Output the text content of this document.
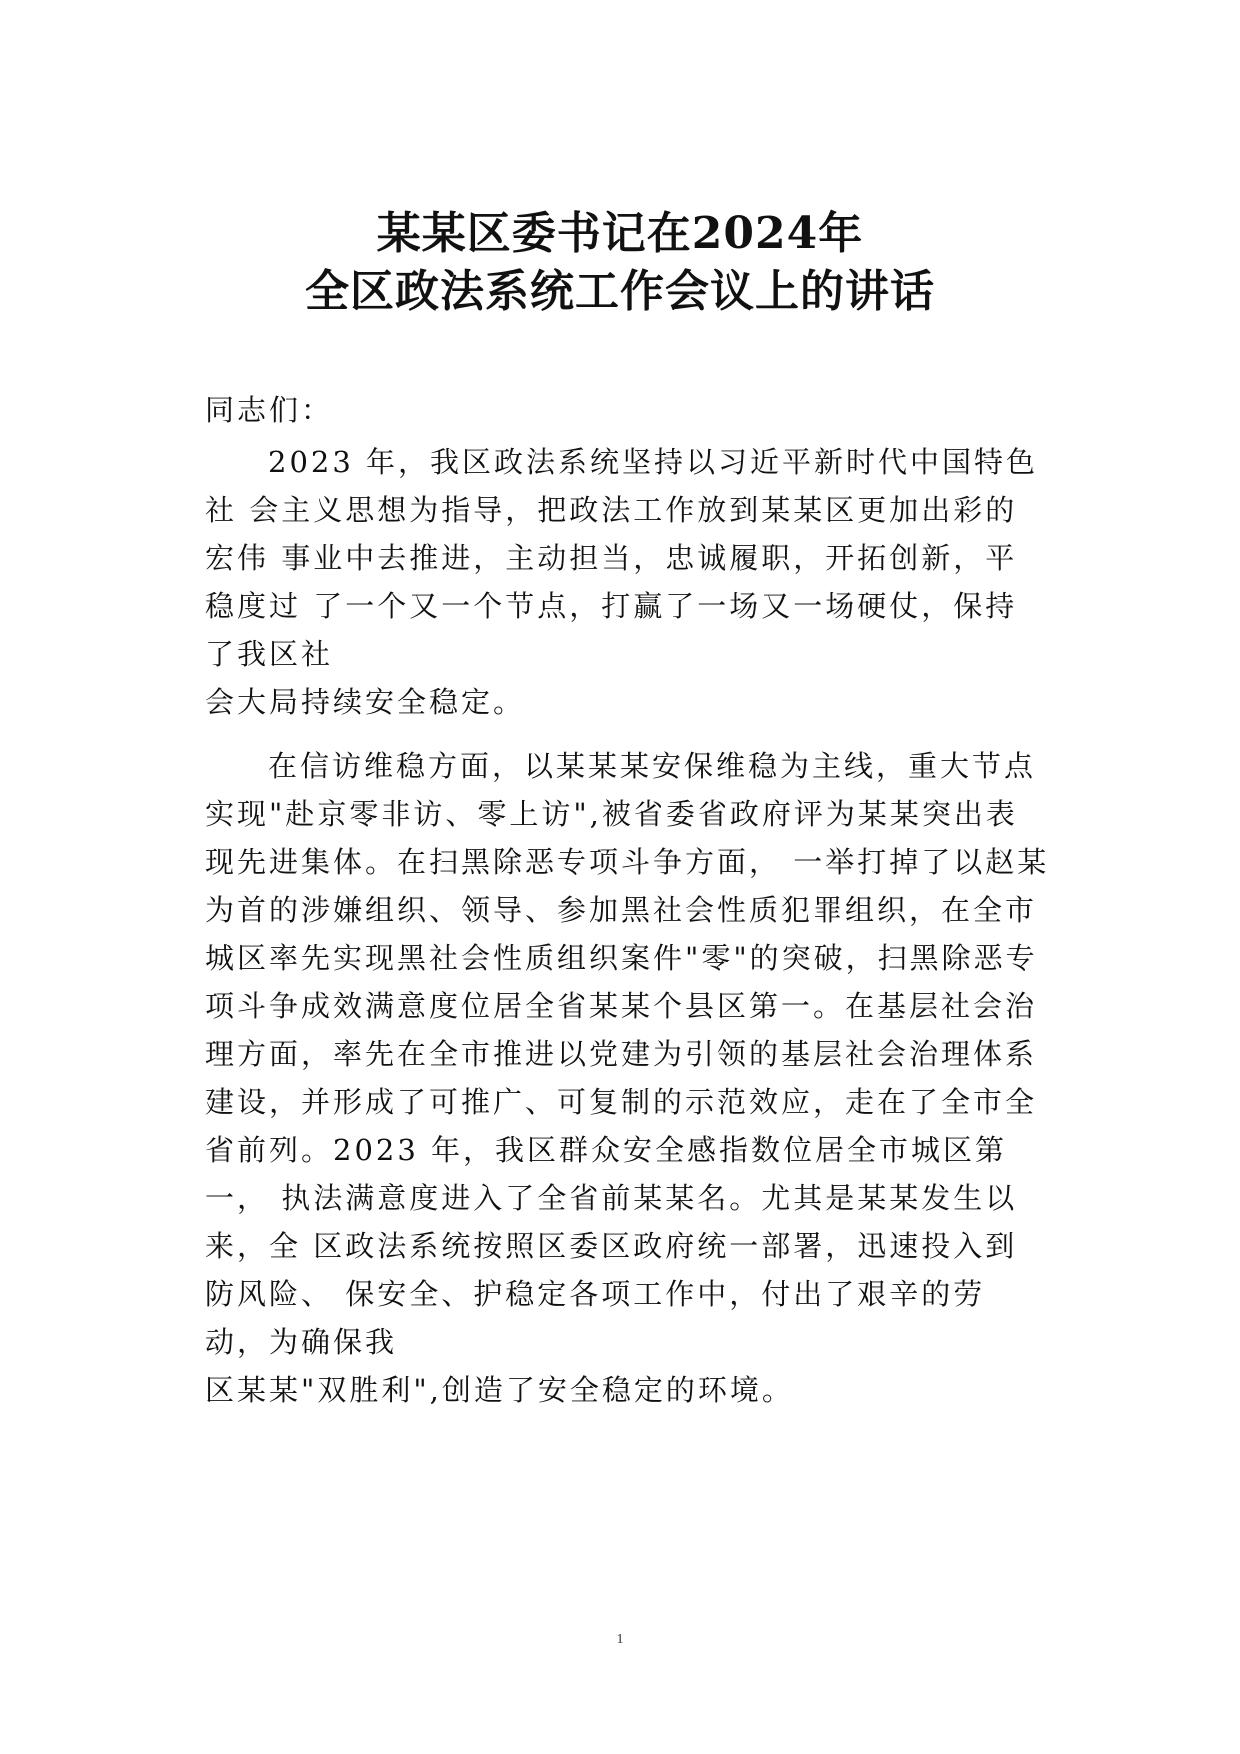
某某区委书记在2024年
全区政法系统工作会议上的讲话
同志们：
2023 年，我区政法系统坚持以习近平新时代中国特色
社 会主义思想为指导，把政法工作放到某某区更加出彩的
宏伟 事业中去推进，主动担当，忠诚履职，开拓创新，平
稳度过 了一个又一个节点，打赢了一场又一场硬仗，保持
了我区社
会大局持续安全稳定。
在信访维稳方面，以某某某安保维稳为主线，重大节点
实现"赴京零非访、零上访",被省委省政府评为某某突出表
现先进集体。在扫黑除恶专项斗争方面， 一举打掉了以赵某
为首的涉嫌组织、领导、参加黑社会性质犯罪组织，在全市
城区率先实现黑社会性质组织案件"零"的突破，扫黑除恶专
项斗争成效满意度位居全省某某个县区第一。在基层社会治
理方面，率先在全市推进以党建为引领的基层社会治理体系
建设，并形成了可推广、可复制的示范效应，走在了全市全
省前列。2023 年，我区群众安全感指数位居全市城区第
一， 执法满意度进入了全省前某某名。尤其是某某发生以
来，全 区政法系统按照区委区政府统一部署，迅速投入到
防风险、 保安全、护稳定各项工作中，付出了艰辛的劳
动，为确保我
区某某"双胜利",创造了安全稳定的环境。
1
